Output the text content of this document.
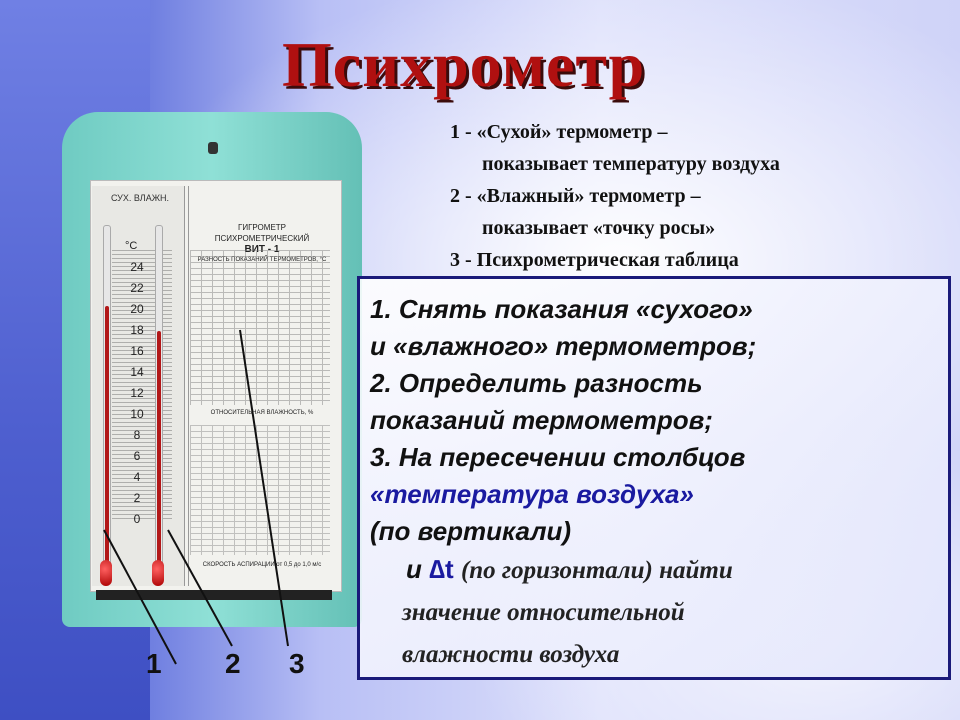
Психрометр
1 - «Сухой» термометр –
показывает температуру воздуха
2 - «Влажный» термометр –
показывает «точку росы»
3 - Психрометрическая таблица
СУХ. ВЛАЖН.
°C
24
22
20
18
16
14
12
10
8
6
4
2
0
ГИГРОМЕТР ПСИХРОМЕТРИЧЕСКИЙ
ВИТ - 1
РАЗНОСТЬ ПОКАЗАНИЙ ТЕРМОМЕТРОВ, °С
ОТНОСИТЕЛЬНАЯ ВЛАЖНОСТЬ, %
СКОРОСТЬ АСПИРАЦИИ от 0,5 до 1,0 м/с
1 2 3
1. Снять показания «сухого»
и «влажного» термометров;
2. Определить разность
показаний термометров;
3. На пересечении столбцов
«температура воздуха»
(по вертикали)
и ∆t (по горизонтали) найти
значение относительной
влажности воздуха
